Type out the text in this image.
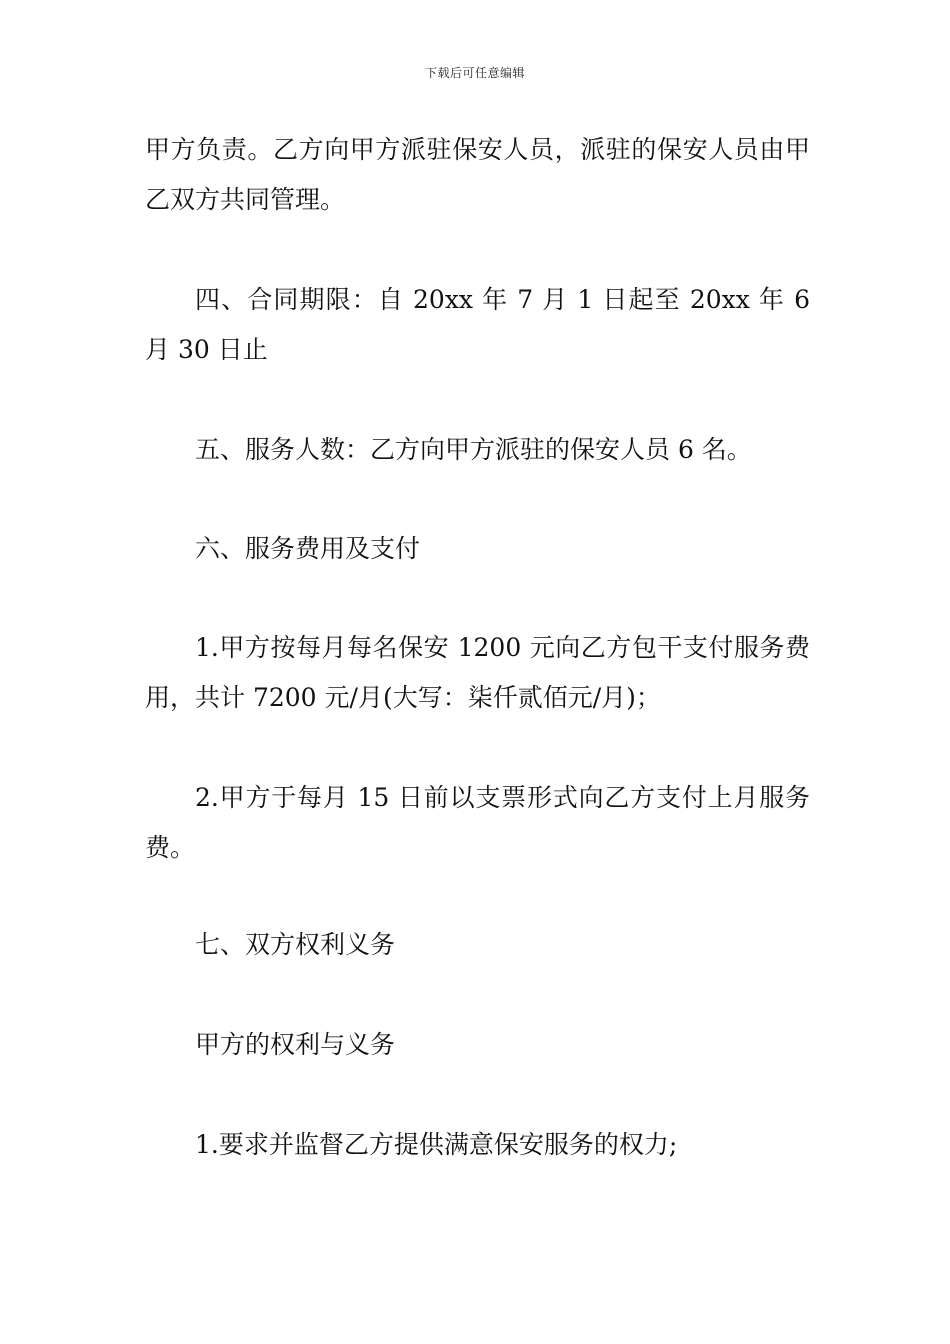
下载后可任意编辑
甲方负责。乙方向甲方派驻保安人员，派驻的保安人员由甲乙双方共同管理。
四、合同期限：自 20xx 年 7 月 1 日起至 20xx 年 6 月 30 日止
五、服务人数：乙方向甲方派驻的保安人员 6 名。
六、服务费用及支付
1.甲方按每月每名保安 1200 元向乙方包干支付服务费用，共计 7200 元/月(大写：柒仟贰佰元/月)；
2.甲方于每月 15 日前以支票形式向乙方支付上月服务费。
七、双方权利义务
甲方的权利与义务
1.要求并监督乙方提供满意保安服务的权力;
